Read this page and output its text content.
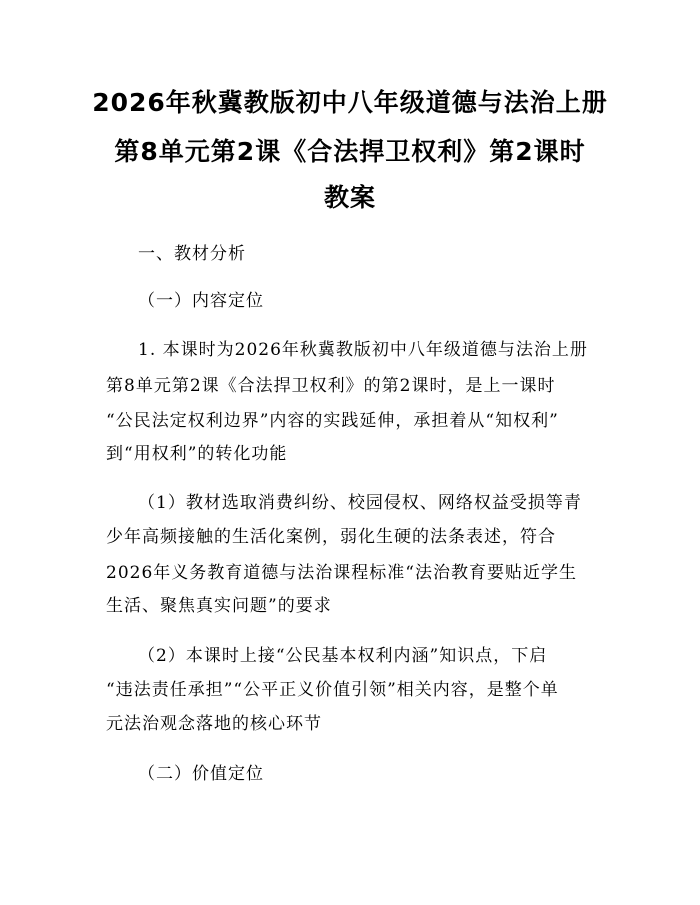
2026年秋冀教版初中八年级道德与法治上册
第8单元第2课《合法捍卫权利》第2课时
教案
一、教材分析
（一）内容定位
1. 本课时为2026年秋冀教版初中八年级道德与法治上册
第8单元第2课《合法捍卫权利》的第2课时，是上一课时
“公民法定权利边界”内容的实践延伸，承担着从“知权利”
到“用权利”的转化功能
（1）教材选取消费纠纷、校园侵权、网络权益受损等青
少年高频接触的生活化案例，弱化生硬的法条表述，符合
2026年义务教育道德与法治课程标准“法治教育要贴近学生
生活、聚焦真实问题”的要求
（2）本课时上接“公民基本权利内涵”知识点，下启
“违法责任承担”“公平正义价值引领”相关内容，是整个单
元法治观念落地的核心环节
（二）价值定位
